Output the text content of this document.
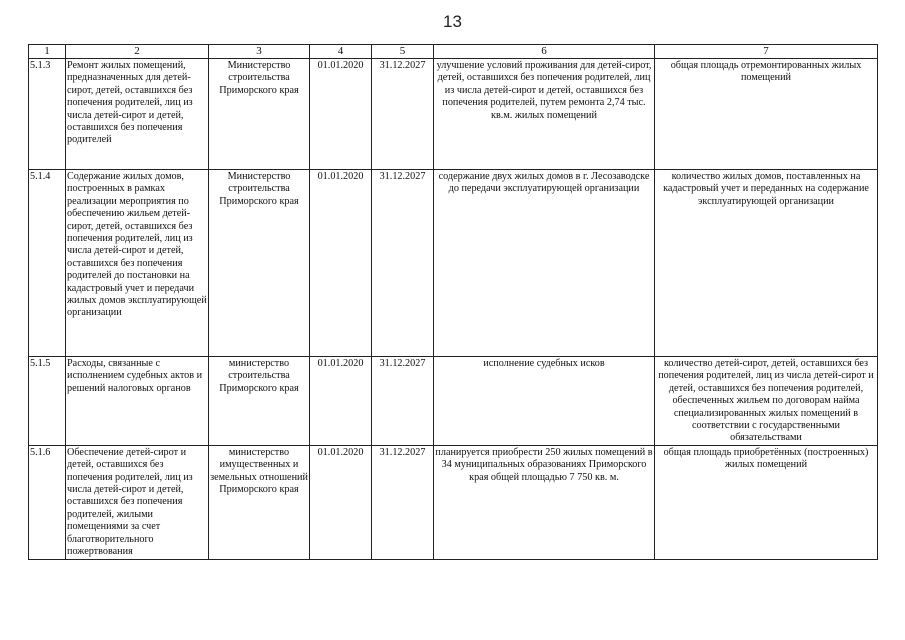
13
1	2	3	4	5	6	7
5.1.3	Ремонт жилых помещений, предназначенных для детей-сирот, детей, оставшихся без попечения родителей, лиц из числа детей-сирот и детей, оставшихся без попечения родителей	Министерство строительства Приморского края	01.01.2020	31.12.2027	улучшение условий проживания для детей-сирот, детей, оставшихся без попечения родителей, лиц из числа детей-сирот и детей, оставшихся без попечения родителей, путем ремонта 2,74 тыс. кв.м. жилых помещений	общая площадь отремонтированных жилых помещений
5.1.4	Содержание жилых домов, построенных в рамках реализации мероприятия по обеспечению жильем детей-сирот, детей, оставшихся без попечения родителей, лиц из числа детей-сирот и детей, оставшихся без попечения родителей до постановки на кадастровый учет и передачи жилых домов эксплуатирующей организации	Министерство строительства Приморского края	01.01.2020	31.12.2027	содержание двух жилых домов в г. Лесозаводске до передачи эксплуатирующей организации	количество жилых домов, поставленных на кадастровый учет и переданных на содержание эксплуатирующей организации
5.1.5	Расходы, связанные с исполнением судебных актов и решений налоговых органов	министерство строительства Приморского края	01.01.2020	31.12.2027	исполнение судебных исков	количество детей-сирот, детей, оставшихся без попечения родителей, лиц из числа детей-сирот и детей, оставшихся без попечения родителей, обеспеченных жильем по договорам найма специализированных жилых помещений в соответствии с государственными обязательствами
5.1.6	Обеспечение детей-сирот и детей, оставшихся без попечения родителей, лиц из числа детей-сирот и детей, оставшихся без попечения родителей, жилыми помещениями за счет благотворительного пожертвования	министерство имущественных и земельных отношений Приморского края	01.01.2020	31.12.2027	планируется приобрести 250 жилых помещений в 34 муниципальных образованиях Приморского края общей площадью 7 750 кв. м.	общая площадь приобретённых (построенных) жилых помещений
